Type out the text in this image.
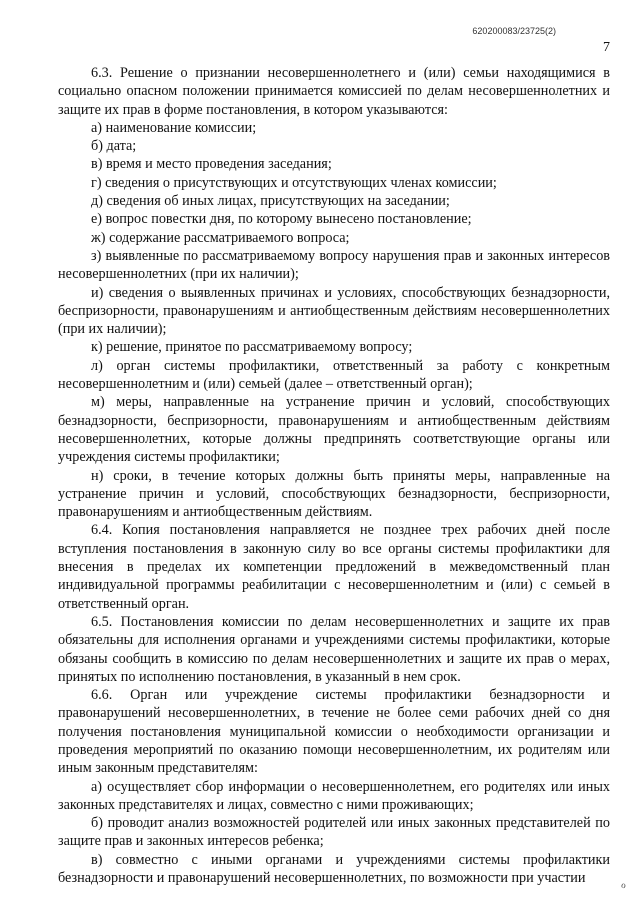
620200083/23725(2)
7

6.3. Решение о признании несовершеннолетнего и (или) семьи находящимися в социально опасном положении принимается комиссией по делам несовершеннолетних и защите их прав в форме постановления, в котором указываются:

а) наименование комиссии;

б) дата;

в) время и место проведения заседания;

г) сведения о присутствующих и отсутствующих членах комиссии;

д) сведения об иных лицах, присутствующих на заседании;

е) вопрос повестки дня, по которому вынесено постановление;

ж) содержание рассматриваемого вопроса;

з) выявленные по рассматриваемому вопросу нарушения прав и законных интересов несовершеннолетних (при их наличии);

и) сведения о выявленных причинах и условиях, способствующих безнадзорности, беспризорности, правонарушениям и антиобщественным действиям несовершеннолетних (при их наличии);

к) решение, принятое по рассматриваемому вопросу;

л) орган системы профилактики, ответственный за работу с конкретным несовершеннолетним и (или) семьей (далее – ответственный орган);

м) меры, направленные на устранение причин и условий, способствующих безнадзорности, беспризорности, правонарушениям и антиобщественным действиям несовершеннолетних, которые должны предпринять соответствующие органы или учреждения системы профилактики;

н) сроки, в течение которых должны быть приняты меры, направленные на устранение причин и условий, способствующих безнадзорности, беспризорности, правонарушениям и антиобщественным действиям.

6.4. Копия постановления направляется не позднее трех рабочих дней после вступления постановления в законную силу во все органы системы профилактики для внесения в пределах их компетенции предложений в межведомственный план индивидуальной программы реабилитации с несовершеннолетним и (или) с семьей в ответственный орган.

6.5. Постановления комиссии по делам несовершеннолетних и защите их прав обязательны для исполнения органами и учреждениями системы профилактики, которые обязаны сообщить в комиссию по делам несовершеннолетних и защите их прав о мерах, принятых по исполнению постановления, в указанный в нем срок.

6.6. Орган или учреждение системы профилактики безнадзорности и правонарушений несовершеннолетних, в течение не более семи рабочих дней со дня получения постановления муниципальной комиссии о необходимости организации и проведения мероприятий по оказанию помощи несовершеннолетним, их родителям или иным законным представителям:

а) осуществляет сбор информации о несовершеннолетнем, его родителях или иных законных представителях и лицах, совместно с ними проживающих;

б) проводит анализ возможностей родителей или иных законных представителей по защите прав и законных интересов ребенка;

в) совместно с иными органами и учреждениями системы профилактики безнадзорности и правонарушений несовершеннолетних, по возможности при участии	ℴ
